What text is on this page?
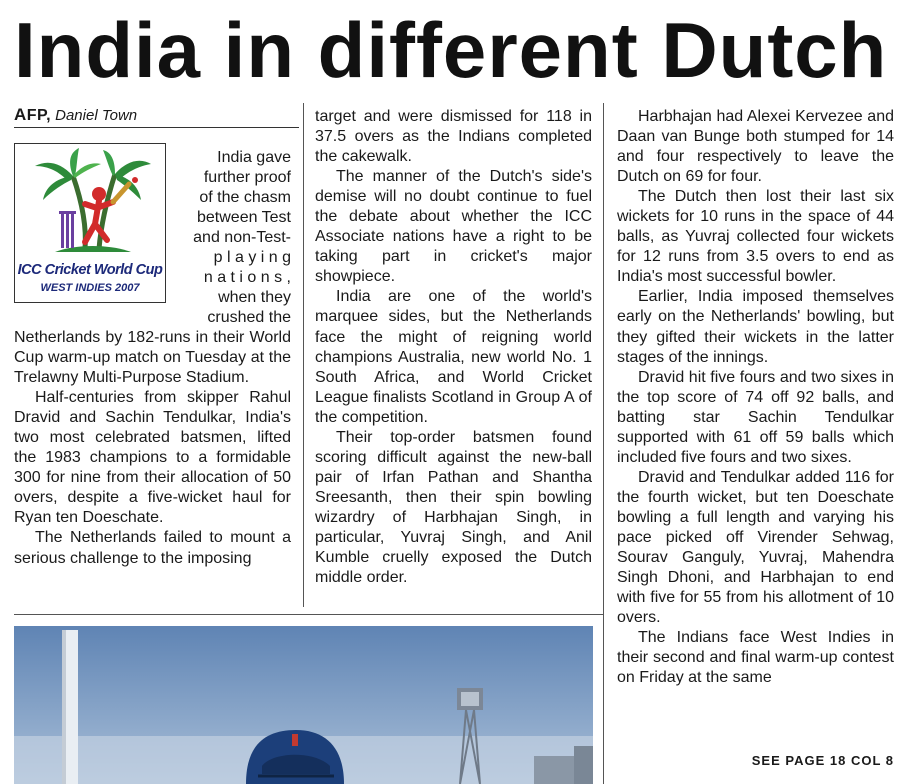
India in different Dutch
AFP, Daniel Town
ICC Cricket World Cup
WEST INDIES 2007
India gave
further proof
of the chasm
between Test
and non-Test-
p l a y i n g
n a t i o n s ,
when they
crushed the

Netherlands by 182-runs in their World Cup warm-up match on Tuesday at the Trelawny Multi-Purpose Stadium.

Half-centuries from skipper Rahul Dravid and Sachin Tendulkar, India's two most celebrated batsmen, lifted the 1983 champions to a formidable 300 for nine from their allocation of 50 overs, despite a five-wicket haul for Ryan ten Doeschate.

The Netherlands failed to mount a serious challenge to the imposing

target and were dismissed for 118 in 37.5 overs as the Indians completed the cakewalk.

The manner of the Dutch's side's demise will no doubt continue to fuel the debate about whether the ICC Associate nations have a right to be taking part in cricket's major showpiece.

India are one of the world's marquee sides, but the Netherlands face the might of reigning world champions Australia, new world No. 1 South Africa, and World Cricket League finalists Scotland in Group A of the competition.

Their top-order batsmen found scoring difficult against the new-ball pair of Irfan Pathan and Shantha Sreesanth, then their spin bowling wizardry of Harbhajan Singh, in particular, Yuvraj Singh, and Anil Kumble cruelly exposed the Dutch middle order.

Harbhajan had Alexei Kervezee and Daan van Bunge both stumped for 14 and four respectively to leave the Dutch on 69 for four.

The Dutch then lost their last six wickets for 10 runs in the space of 44 balls, as Yuvraj collected four wickets for 12 runs from 3.5 overs to end as India's most successful bowler.

Earlier, India imposed themselves early on the Netherlands' bowling, but they gifted their wickets in the latter stages of the innings.

Dravid hit five fours and two sixes in the top score of 74 off 92 balls, and batting star Sachin Tendulkar supported with 61 off 59 balls which included five fours and two sixes.

Dravid and Tendulkar added 116 for the fourth wicket, but ten Doeschate bowling a full length and varying his pace picked off Virender Sehwag, Sourav Ganguly, Yuvraj, Mahendra Singh Dhoni, and Harbhajan to end with five for 55 from his allotment of 10 overs.

The Indians face West Indies in their second and final warm-up contest on Friday at the same

SEE PAGE 18 COL 8
